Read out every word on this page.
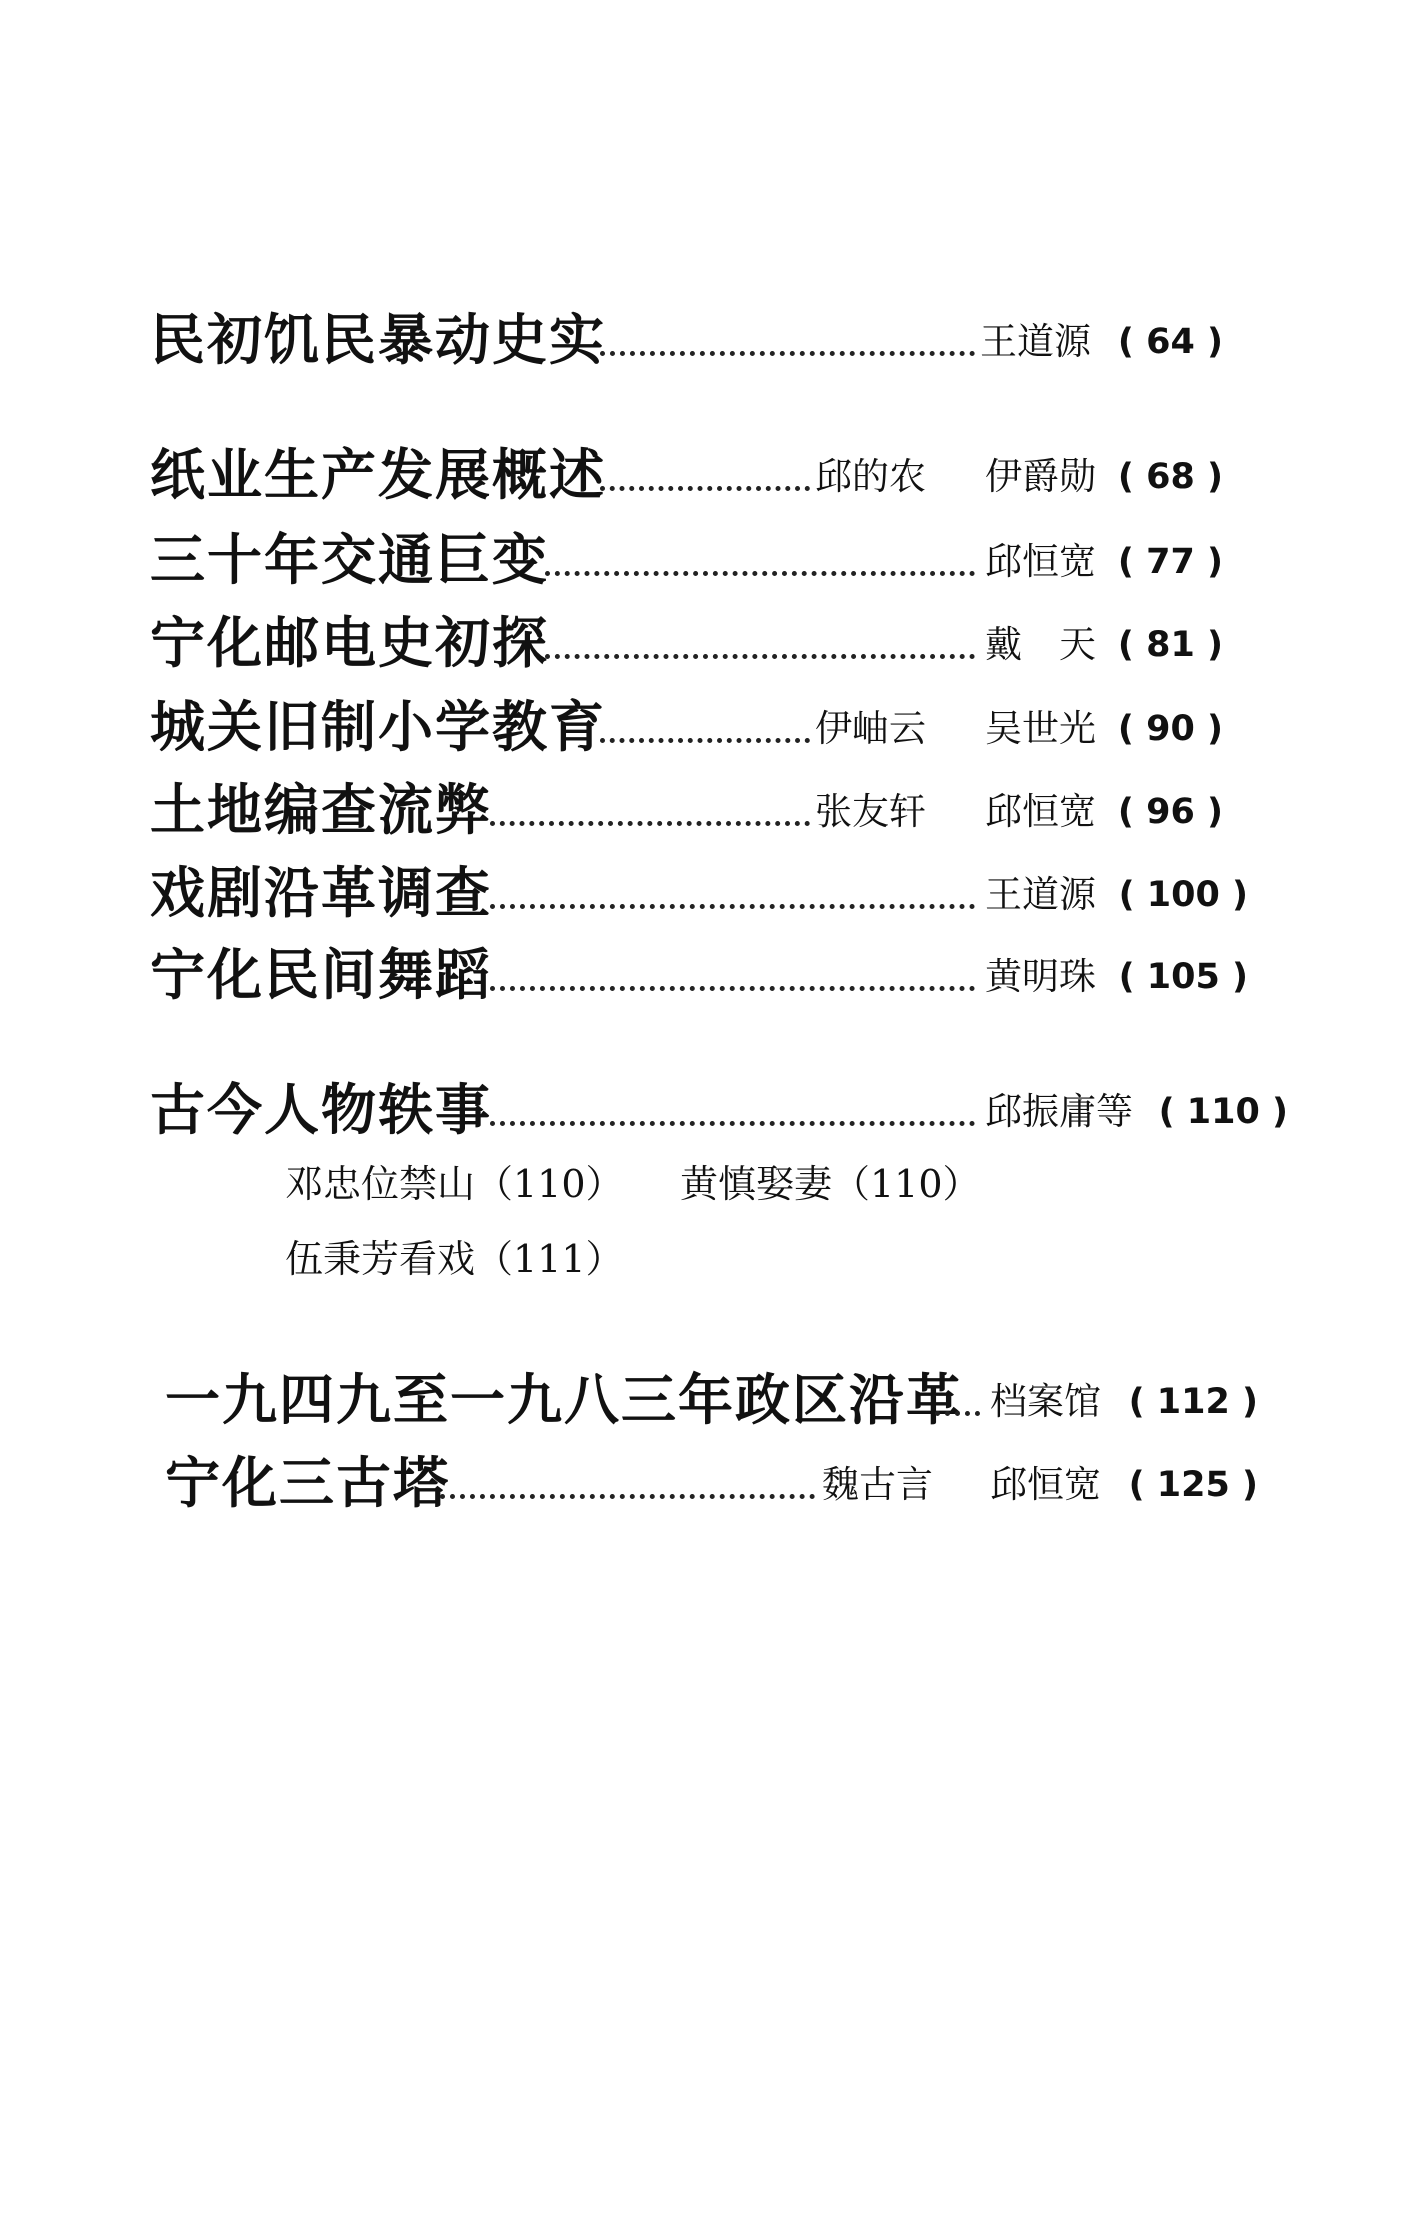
民初饥民暴动史实	王道源 ( 64 )
纸业生产发展概述	邱的农 伊爵勋 ( 68 )
三十年交通巨变	邱恒宽 ( 77 )
宁化邮电史初探	戴　天 ( 81 )
城关旧制小学教育	伊岫云 吴世光 ( 90 )
土地编查流弊	张友轩 邱恒宽 ( 96 )
戏剧沿革调查	王道源 ( 100 )
宁化民间舞蹈	黄明珠 ( 105 )
古今人物轶事	邱振庸等 ( 110 )
邓忠位禁山（110） 黄慎娶妻（110）
伍秉芳看戏（111）
一九四九至一九八三年政区沿革 档案馆 ( 112 )
宁化三古塔	魏古言 邱恒宽 ( 125 )
